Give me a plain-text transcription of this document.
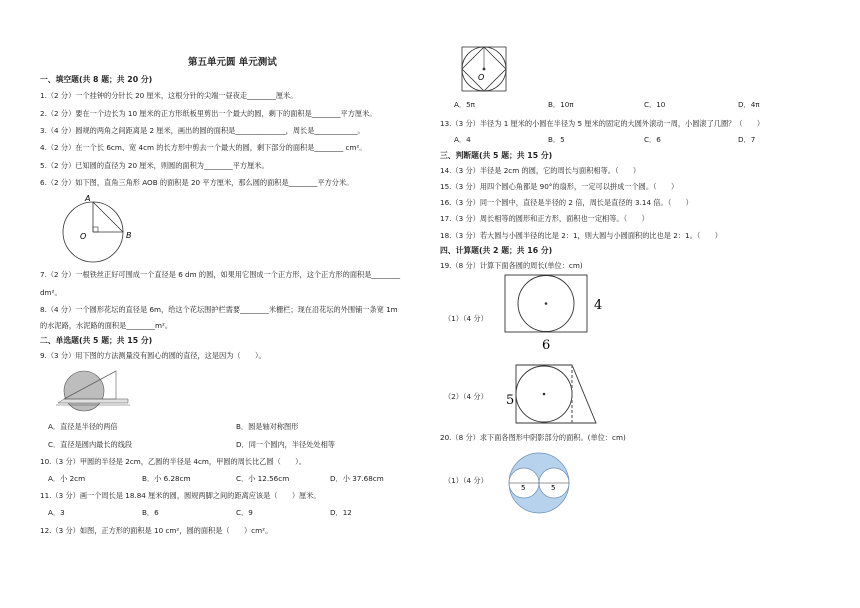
第五单元圆 单元测试
一、填空题(共 8 题；共 20 分)
1.（2 分）一个挂钟的分针长 20 厘米，这根分针的尖端一昼夜走________厘米。
2.（2 分）要在一个边长为 10 厘米的正方形纸板里剪出一个最大的圆，剩下的面积是________平方厘米。
3.（4 分）圆规的两角之间距离是 2 厘米，画出的圆的面积是______________，周长是____________。
4.（2 分）在一个长 6cm、宽 4cm 的长方形中剪去一个最大的圆，剩下部分的面积是________ cm²。
5.（2 分）已知圆的直径为 20 厘米，则圆的面积为________平方厘米。
6.（2 分）如下图，直角三角形 AOB 的面积是 20 平方厘米，那么圆的面积是________平方分米。
A
O	B
7.（2 分）一根铁丝正好可围成一个直径是 6 dm 的圆，如果用它围成一个正方形，这个正方形的面积是________
dm²。
8.（4 分）一个圆形花坛的直径是 6m，给这个花坛围护栏需要________米栅栏；现在沿花坛的外围铺一条宽 1m
的水泥路，水泥路的面积是________m²。
二、单选题(共 5 题；共 15 分)
9.（3 分）用下图的方法测量没有圆心的圆的直径，这是因为（　　）。
A．直径是半径的两倍	B．圆是轴对称图形
C．直径是圆内最长的线段	D．同一个圆内，半径处处相等
10.（3 分）甲圆的半径是 2cm，乙圆的半径是 4cm，甲圆的周长比乙圆（　　）。
A．小 2cm	B．小 6.28cm	C．小 12.56cm	D．小 37.68cm
11.（3 分）画一个周长是 18.84 厘米的圆，圆规两脚之间的距离应该是（　　）厘米。
A．3	B．6	C．9	D．12
12.（3 分）如图，正方形的面积是 10 cm²，圆的面积是（　　）cm²。
O
A．5π	B．10π	C．10	D．4π
13.（3 分）半径为 1 厘米的小圆在半径为 5 厘米的固定的大圆外滚动一周，小圆滚了几圈？（　　）
A．4	B．5	C．6	D．7
三、判断题(共 5 题；共 15 分)
14.（3 分）半径是 2cm 的圆，它的周长与面积相等。（　　）
15.（3 分）用四个圆心角都是 90°的扇形，一定可以拼成一个圆。（　　）
16.（3 分）同一个圆中，直径是半径的 2 倍，周长是直径的 3.14 倍。（　　）
17.（3 分）周长相等的圆形和正方形，面积也一定相等。（　　）
18.（3 分）若大圆与小圆半径的比是 2：1，则大圆与小圆面积的比也是 2：1。（　　）
四、计算题(共 2 题；共 16 分)
19.（8 分）计算下面各圆的周长(单位：cm)
（1）（4 分）
4
6
（2）（4 分） 5
20.（8 分）求下面各图形中阴影部分的面积。(单位：cm)
（1）（4 分）
5	5
